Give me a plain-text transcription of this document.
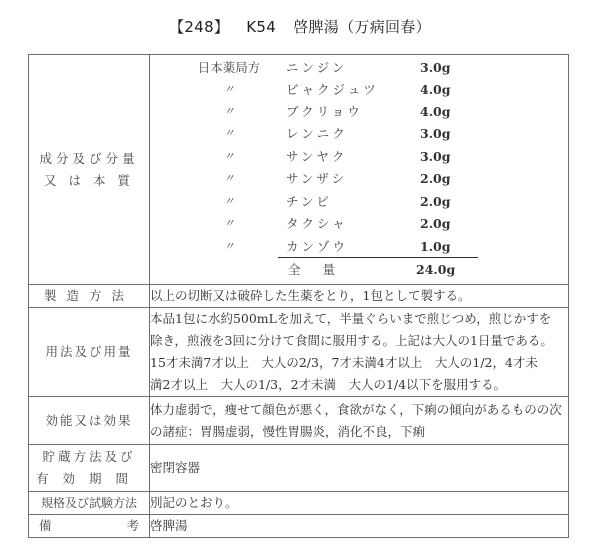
【248】 K54 啓脾湯（万病回春）
成分及び分量
又 は 本 質

日本薬局方 ニンジン	3.0g
〃	ビャクジュツ	4.0g
〃	ブクリョウ	4.0g
〃	レンニク	3.0g
〃	サンヤク	3.0g
〃	サンザシ	2.0g
〃	チンピ	2.0g
〃	タクシャ	2.0g
〃	カンゾウ	1.0g
全量	24.0g

製造方法	以上の切断又は破砕した生薬をとり，1包として製する。
用法及び用量	本品1包に水約500mLを加えて，半量ぐらいまで煎じつめ，煎じかすを
除き，煎液を3回に分けて食間に服用する。上記は大人の1日量である。
15才未満7才以上　大人の2/3，7才未満4才以上　大人の1/2，4才未
満2才以上　大人の1/3，2才未満　大人の1/4以下を服用する。

効能又は効果	体力虚弱で，痩せて顔色が悪く，食欲がなく，下痢の傾向があるものの次
の諸症：胃腸虚弱，慢性胃腸炎，消化不良，下痢

貯蔵方法及び
有効期間	密閉容器
規格及び試験方法	別記のとおり。
備考	啓脾湯
